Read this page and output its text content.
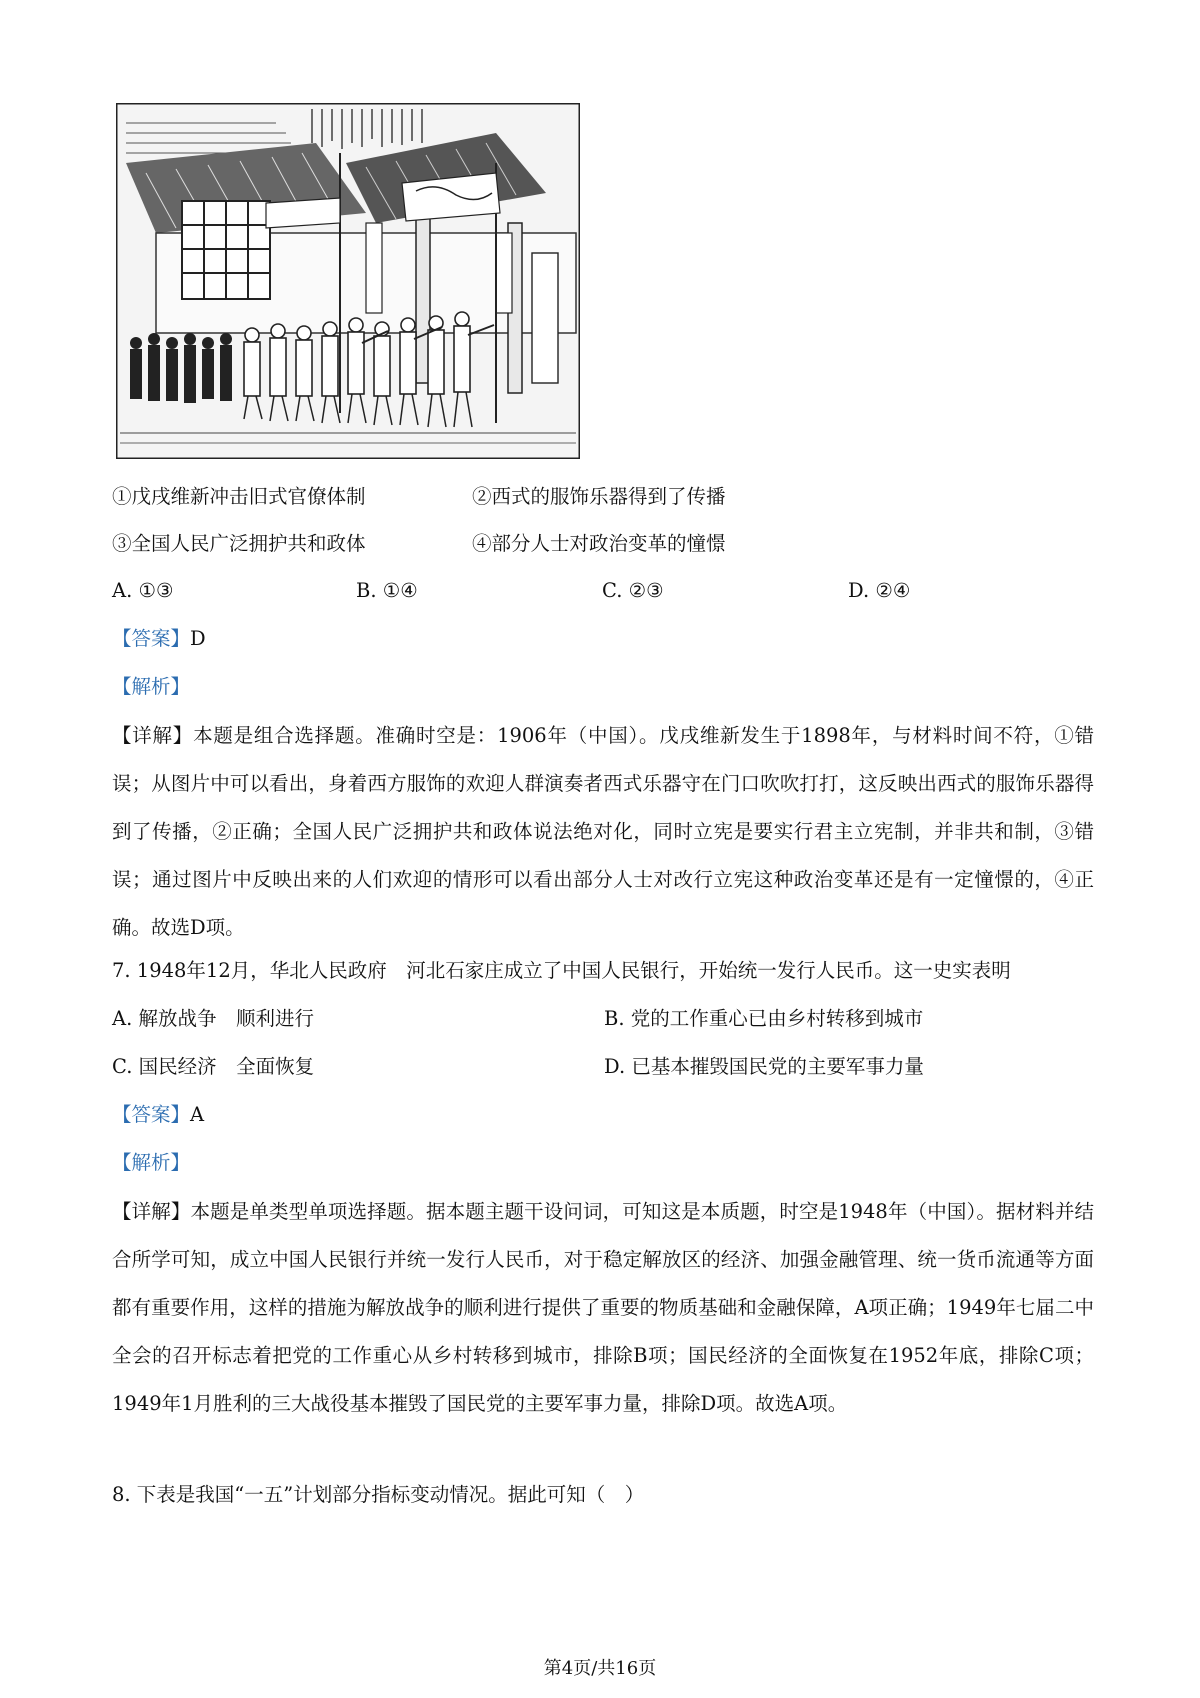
①戊戌维新冲击旧式官僚体制	②西式的服饰乐器得到了传播
③全国人民广泛拥护共和政体	④部分人士对政治变革的憧憬
A. ①③	B. ①④	C. ②③	D. ②④
【答案】D
【解析】
【详解】本题是组合选择题。准确时空是：1906年（中国）。戊戌维新发生于1898年，与材料时间不符，①错误；从图片中可以看出，身着西方服饰的欢迎人群演奏者西式乐器守在门口吹吹打打，这反映出西式的服饰乐器得到了传播，②正确；全国人民广泛拥护共和政体说法绝对化，同时立宪是要实行君主立宪制，并非共和制，③错误；通过图片中反映出来的人们欢迎的情形可以看出部分人士对改行立宪这种政治变革还是有一定憧憬的，④正确。故选D项。
7. 1948年12月，华北人民政府　河北石家庄成立了中国人民银行，开始统一发行人民币。这一史实表明
A. 解放战争　顺利进行	B. 党的工作重心已由乡村转移到城市
C. 国民经济　全面恢复	D. 已基本摧毁国民党的主要军事力量
【答案】A
【解析】
【详解】本题是单类型单项选择题。据本题主题干设问词，可知这是本质题，时空是1948年（中国）。据材料并结合所学可知，成立中国人民银行并统一发行人民币，对于稳定解放区的经济、加强金融管理、统一货币流通等方面都有重要作用，这样的措施为解放战争的顺利进行提供了重要的物质基础和金融保障，A项正确；1949年七届二中全会的召开标志着把党的工作重心从乡村转移到城市，排除B项；国民经济的全面恢复在1952年底，排除C项；1949年1月胜利的三大战役基本摧毁了国民党的主要军事力量，排除D项。故选A项。
8. 下表是我国“一五”计划部分指标变动情况。据此可知（　）
第4页/共16页
